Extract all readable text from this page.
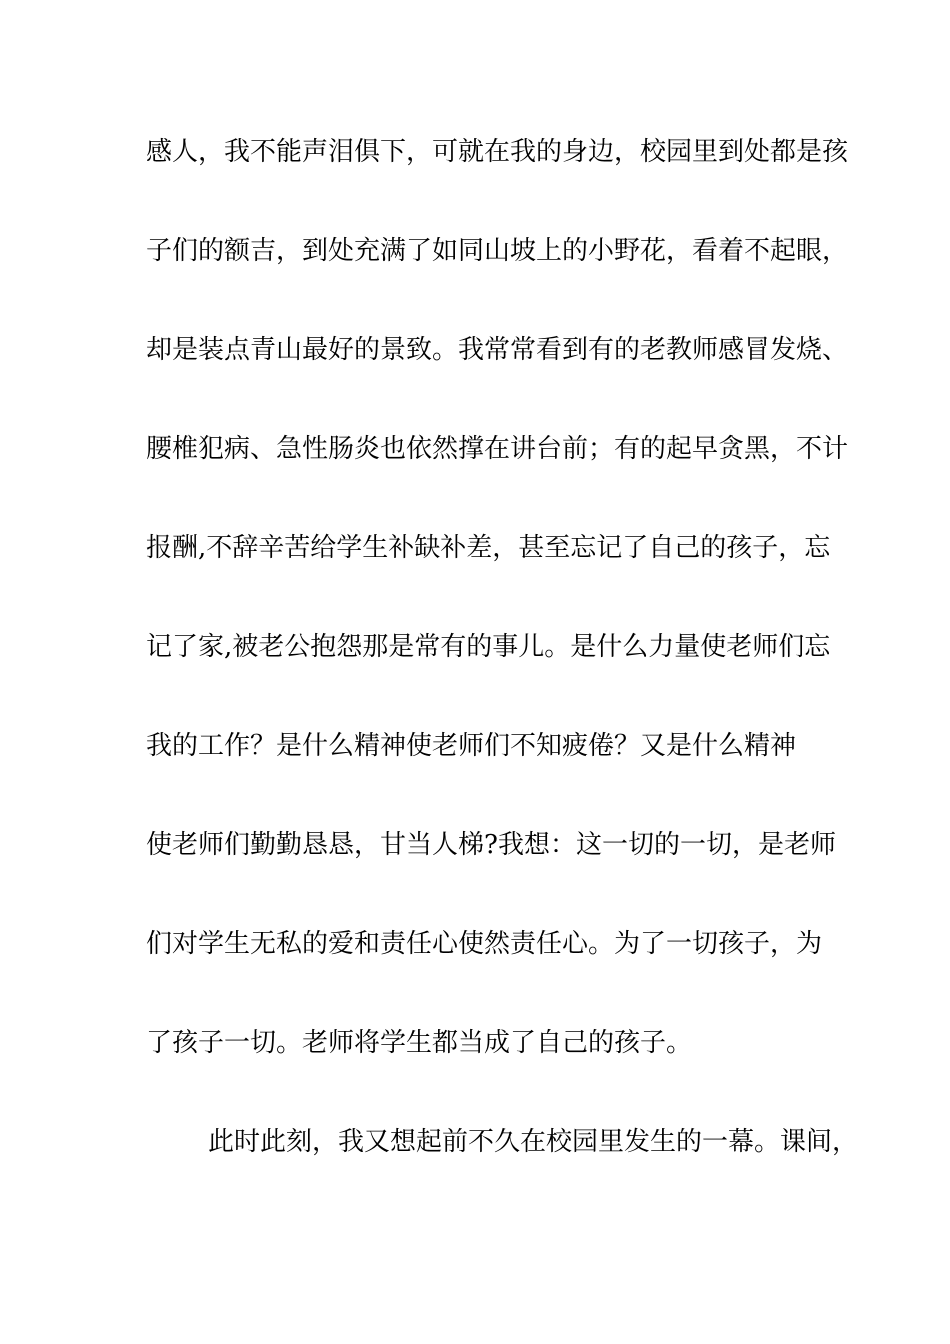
感人，我不能声泪俱下，可就在我的身边，校园里到处都是孩
子们的额吉，到处充满了如同山坡上的小野花，看着不起眼，
却是装点青山最好的景致。我常常看到有的老教师感冒发烧、
腰椎犯病、急性肠炎也依然撑在讲台前；有的起早贪黑，不计
报酬,不辞辛苦给学生补缺补差，甚至忘记了自己的孩子，忘
记了家,被老公抱怨那是常有的事儿。是什么力量使老师们忘
我的工作？是什么精神使老师们不知疲倦？又是什么精神
使老师们勤勤恳恳，甘当人梯?我想：这一切的一切，是老师
们对学生无私的爱和责任心使然责任心。为了一切孩子，为
了孩子一切。老师将学生都当成了自己的孩子。
此时此刻，我又想起前不久在校园里发生的一幕。课间，
